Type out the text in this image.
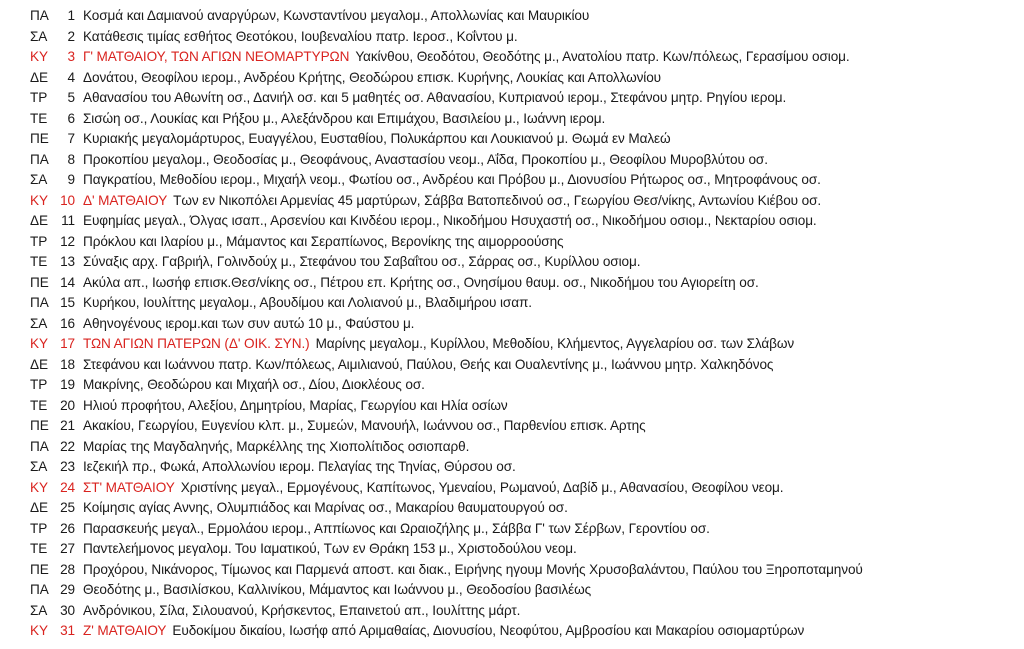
ΠΑ	1 Κοσμά και Δαμιανού αναργύρων, Κωνσταντίνου μεγαλομ., Απολλωνίας και Μαυρικίου
ΣΑ	2 Κατάθεσις τιμίας εσθήτος Θεοτόκου, Ιουβεναλίου πατρ. Ιεροσ., Κοΐντου μ.
ΚΥ	3 Γ' ΜΑΤΘΑΙΟΥ, ΤΩΝ ΑΓΙΩΝ ΝΕΟΜΑΡΤΥΡΩΝ Υακίνθου, Θεοδότου, Θεοδότης μ., Ανατολίου πατρ. Κων/πόλεως, Γερασίμου οσιομ.
ΔΕ	4 Δονάτου, Θεοφίλου ιερομ., Ανδρέου Κρήτης, Θεοδώρου επισκ. Κυρήνης, Λουκίας και Απολλωνίου
ΤΡ	5 Αθανασίου του Αθωνίτη οσ., Δανιήλ οσ. και 5 μαθητές οσ. Αθανασίου, Κυπριανού ιερομ., Στεφάνου μητρ. Ρηγίου ιερομ.
ΤΕ	6 Σισώη οσ., Λουκίας και Ρήξου μ., Αλεξάνδρου και Επιμάχου, Βασιλείου μ., Ιωάννη ιερομ.
ΠΕ	7 Κυριακής μεγαλομάρτυρος, Ευαγγέλου, Ευσταθίου, Πολυκάρπου και Λουκιανού μ. Θωμά εν Μαλεώ
ΠΑ	8 Προκοπίου μεγαλομ., Θεοδοσίας μ., Θεοφάνους, Αναστασίου νεομ., Αΐδα, Προκοπίου μ., Θεοφίλου Μυροβλύτου οσ.
ΣΑ	9 Παγκρατίου, Μεθοδίου ιερομ., Μιχαήλ νεομ., Φωτίου οσ., Ανδρέου και Πρόβου μ., Διονυσίου Ρήτωρος οσ., Μητροφάνους οσ.
ΚΥ 10 Δ' ΜΑΤΘΑΙΟΥ Των εν Νικοπόλει Αρμενίας 45 μαρτύρων, Σάββα Βατοπεδινού οσ., Γεωργίου Θεσ/νίκης, Αντωνίου Κιέβου οσ.
ΔΕ 11 Ευφημίας μεγαλ., Όλγας ισαπ., Αρσενίου και Κινδέου ιερομ., Νικοδήμου Ησυχαστή οσ., Νικοδήμου οσιομ., Νεκταρίου οσιομ.
ΤΡ 12 Πρόκλου και Ιλαρίου μ., Μάμαντος και Σεραπίωνος, Βερονίκης της αιμορροούσης
ΤΕ 13 Σύναξις αρχ. Γαβριήλ, Γολινδούχ μ., Στεφάνου του Σαβαΐτου οσ., Σάρρας οσ., Κυρίλλου οσιομ.
ΠΕ 14 Ακύλα απ., Ιωσήφ επισκ.Θεσ/νίκης οσ., Πέτρου επ. Κρήτης οσ., Ονησίμου θαυμ. οσ., Νικοδήμου του Αγιορείτη οσ.
ΠΑ 15 Κυρήκου, Ιουλίττης μεγαλομ., Αβουδίμου και Λολιανού μ., Βλαδιμήρου ισαπ.
ΣΑ 16 Αθηνογένους ιερομ.και των συν αυτώ 10 μ., Φαύστου μ.
ΚΥ 17 ΤΩΝ ΑΓΙΩΝ ΠΑΤΕΡΩΝ (Δ' ΟΙΚ. ΣΥΝ.) Μαρίνης μεγαλομ., Κυρίλλου, Μεθοδίου, Κλήμεντος, Αγγελαρίου οσ. των Σλάβων
ΔΕ 18 Στεφάνου και Ιωάννου πατρ. Κων/πόλεως, Αιμιλιανού, Παύλου, Θεής και Ουαλεντίνης μ., Ιωάννου μητρ. Χαλκηδόνος
ΤΡ 19 Μακρίνης, Θεοδώρου και Μιχαήλ οσ., Δίου, Διοκλέους οσ.
ΤΕ 20 Ηλιού προφήτου, Αλεξίου, Δημητρίου, Μαρίας, Γεωργίου και Ηλία οσίων
ΠΕ 21 Ακακίου, Γεωργίου, Ευγενίου κλπ. μ., Συμεών, Μανουήλ, Ιωάννου οσ., Παρθενίου επισκ. Αρτης
ΠΑ 22 Μαρίας της Μαγδαληνής, Μαρκέλλης της Χιοπολίτιδος οσιοπαρθ.
ΣΑ 23 Ιεζεκιήλ πρ., Φωκά, Απολλωνίου ιερομ. Πελαγίας της Τηνίας, Θύρσου οσ.
ΚΥ 24 ΣΤ' ΜΑΤΘΑΙΟΥ Χριστίνης μεγαλ., Ερμογένους, Καπίτωνος, Υμεναίου, Ρωμανού, Δαβίδ μ., Αθανασίου, Θεοφίλου νεομ.
ΔΕ 25 Κοίμησις αγίας Αννης, Ολυμπιάδος και Μαρίνας οσ., Μακαρίου θαυματουργού οσ.
ΤΡ 26 Παρασκευής μεγαλ., Ερμολάου ιερομ., Αππίωνος και Ωραιοζήλης μ., Σάββα Γ' των Σέρβων, Γεροντίου οσ.
ΤΕ 27 Παντελεήμονος μεγαλομ. Του Ιαματικού, Των εν Θράκη 153 μ., Χριστοδούλου νεομ.
ΠΕ 28 Προχόρου, Νικάνορος, Τίμωνος και Παρμενά αποστ. και διακ., Ειρήνης ηγουμ Μονής Χρυσοβαλάντου, Παύλου του Ξηροποταμηνού
ΠΑ 29 Θεοδότης μ., Βασιλίσκου, Καλλινίκου, Μάμαντος και Ιωάννου μ., Θεοδοσίου βασιλέως
ΣΑ 30 Ανδρόνικου, Σίλα, Σιλουανού, Κρήσκεντος, Επαινετού απ., Ιουλίττης μάρτ.
ΚΥ 31 Ζ' ΜΑΤΘΑΙΟΥ Ευδοκίμου δικαίου, Ιωσήφ από Αριμαθαίας, Διονυσίου, Νεοφύτου, Αμβροσίου και Μακαρίου οσιομαρτύρων
